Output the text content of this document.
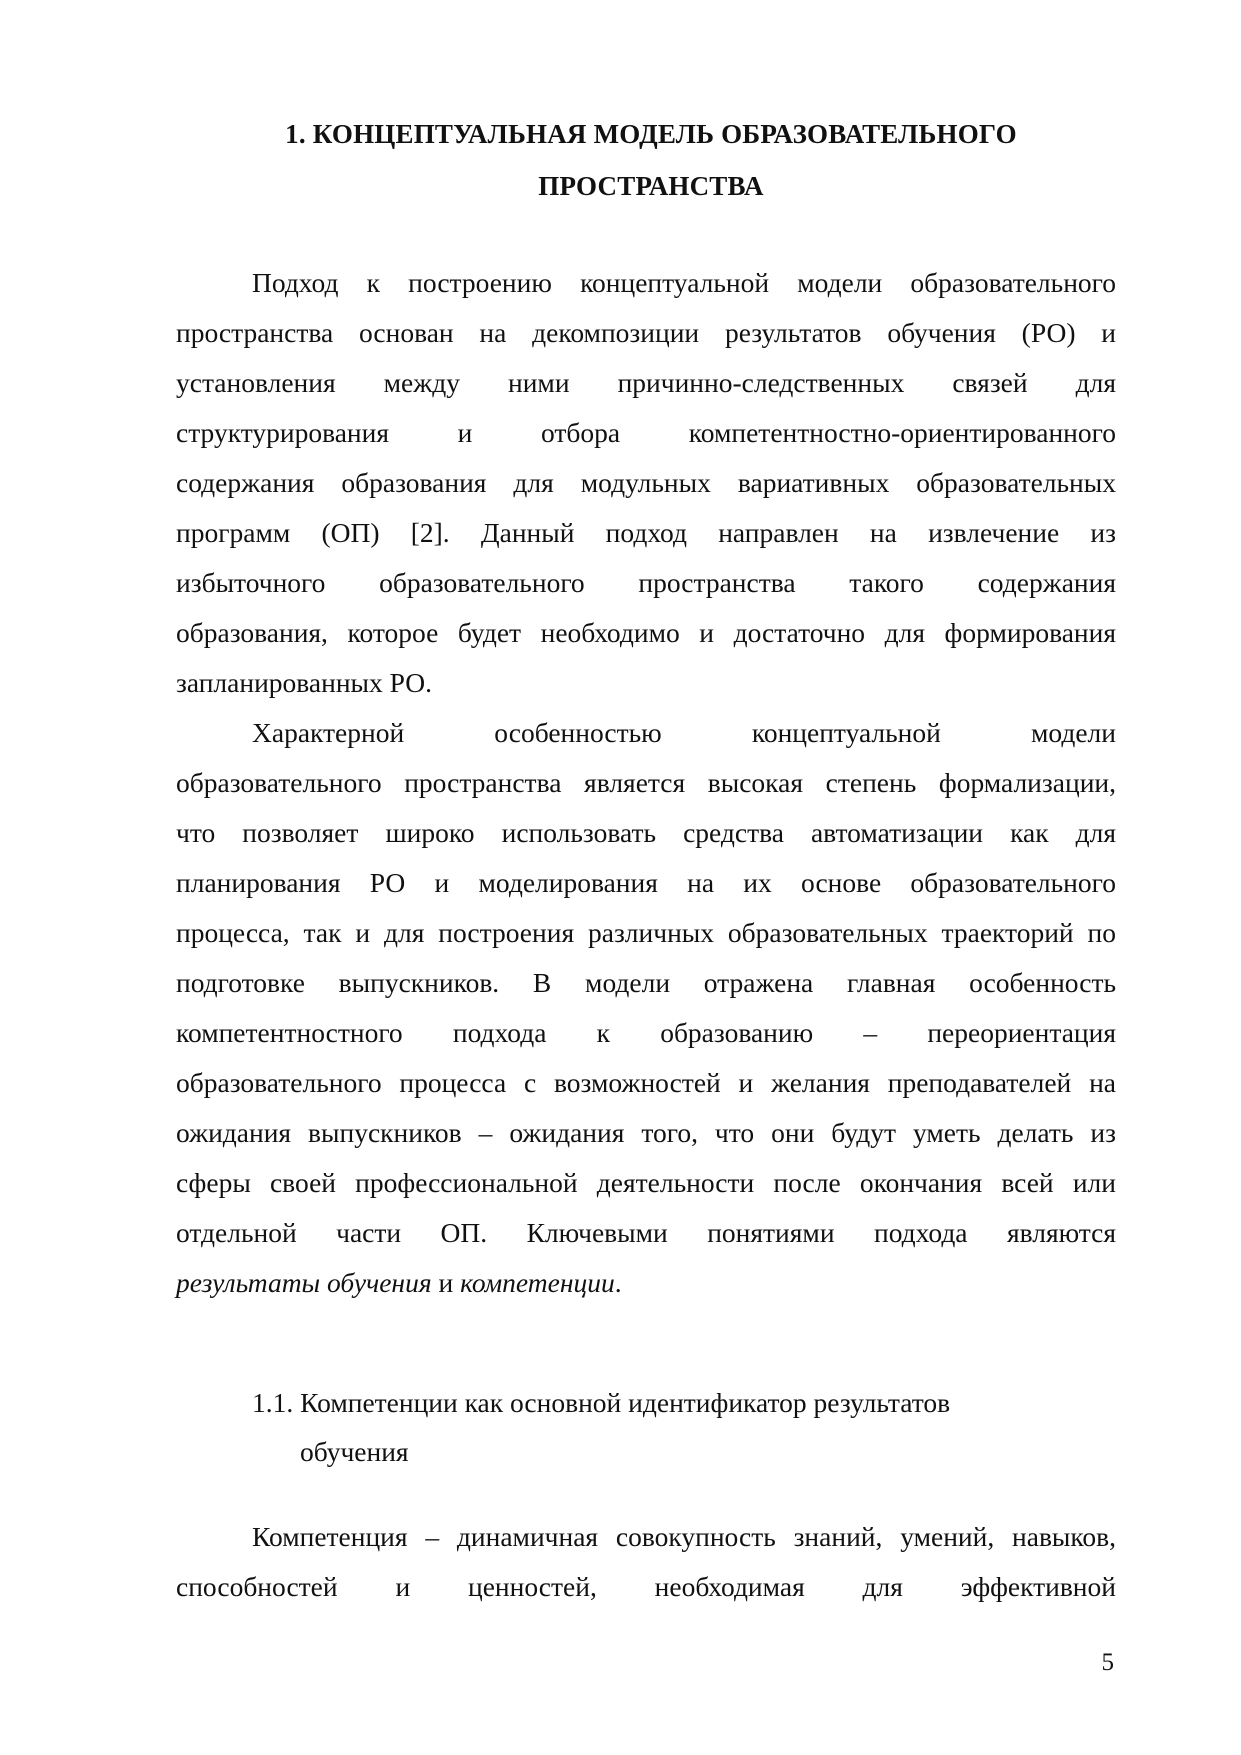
1. КОНЦЕПТУАЛЬНАЯ МОДЕЛЬ ОБРАЗОВАТЕЛЬНОГО
ПРОСТРАНСТВА
Подход к построению концептуальной модели образовательного
пространства основан на декомпозиции результатов обучения (РО) и
установления между ними причинно-следственных связей для
структурирования и отбора компетентностно-ориентированного
содержания образования для модульных вариативных образовательных
программ (ОП) [2]. Данный подход направлен на извлечение из
избыточного образовательного пространства такого содержания
образования, которое будет необходимо и достаточно для формирования
запланированных РО.
Характерной особенностью концептуальной модели
образовательного пространства является высокая степень формализации,
что позволяет широко использовать средства автоматизации как для
планирования РО и моделирования на их основе образовательного
процесса, так и для построения различных образовательных траекторий по
подготовке выпускников. В модели отражена главная особенность
компетентностного подхода к образованию – переориентация
образовательного процесса с возможностей и желания преподавателей на
ожидания выпускников – ожидания того, что они будут уметь делать из
сферы своей профессиональной деятельности после окончания всей или
отдельной части ОП. Ключевыми понятиями подхода являются
результаты обучения и компетенции.
1.1. Компетенции как основной идентификатор результатов
обучения
Компетенция – динамичная совокупность знаний, умений, навыков,
способностей и ценностей, необходимая для эффективной
5
